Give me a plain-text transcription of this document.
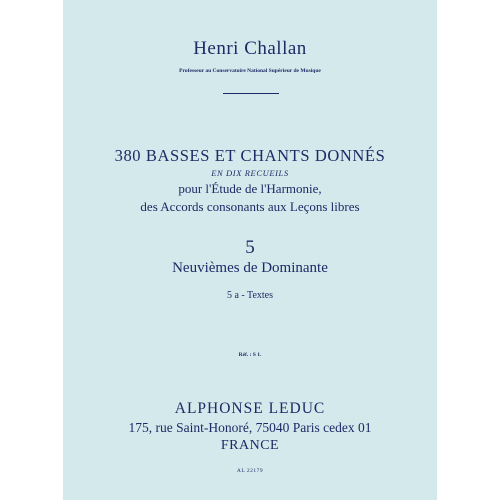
Henri Challan
Professeur au Conservatoire National Supérieur de Musique
380 BASSES ET CHANTS DONNÉS
EN DIX RECUEILS
pour l'Étude de l'Harmonie,
des Accords consonants aux Leçons libres
5
Neuvièmes de Dominante
5 a - Textes
Réf. : S 1.
ALPHONSE LEDUC
175, rue Saint-Honoré, 75040 Paris cedex 01
FRANCE
AL 22179
